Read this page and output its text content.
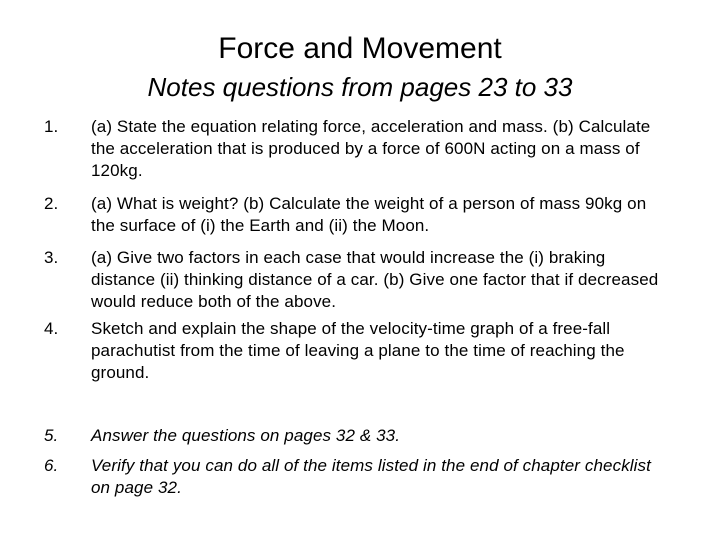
Force and Movement
Notes questions from pages 23 to 33
1.	(a) State the equation relating force, acceleration and mass. (b) Calculate the acceleration that is produced by a force of 600N acting on a mass of 120kg.
2.	(a) What is weight? (b) Calculate the weight of a person of mass 90kg on the surface of (i) the Earth and (ii) the Moon.
3.	(a) Give two factors in each case that would increase the (i) braking distance (ii) thinking distance of a car. (b) Give one factor that if decreased would reduce both of the above.
4.	Sketch and explain the shape of the velocity-time graph of a free-fall parachutist from the time of leaving a plane to the time of reaching the ground.
5.	Answer the questions on pages 32 & 33.
6.	Verify that you can do all of the items listed in the end of chapter checklist on page 32.
